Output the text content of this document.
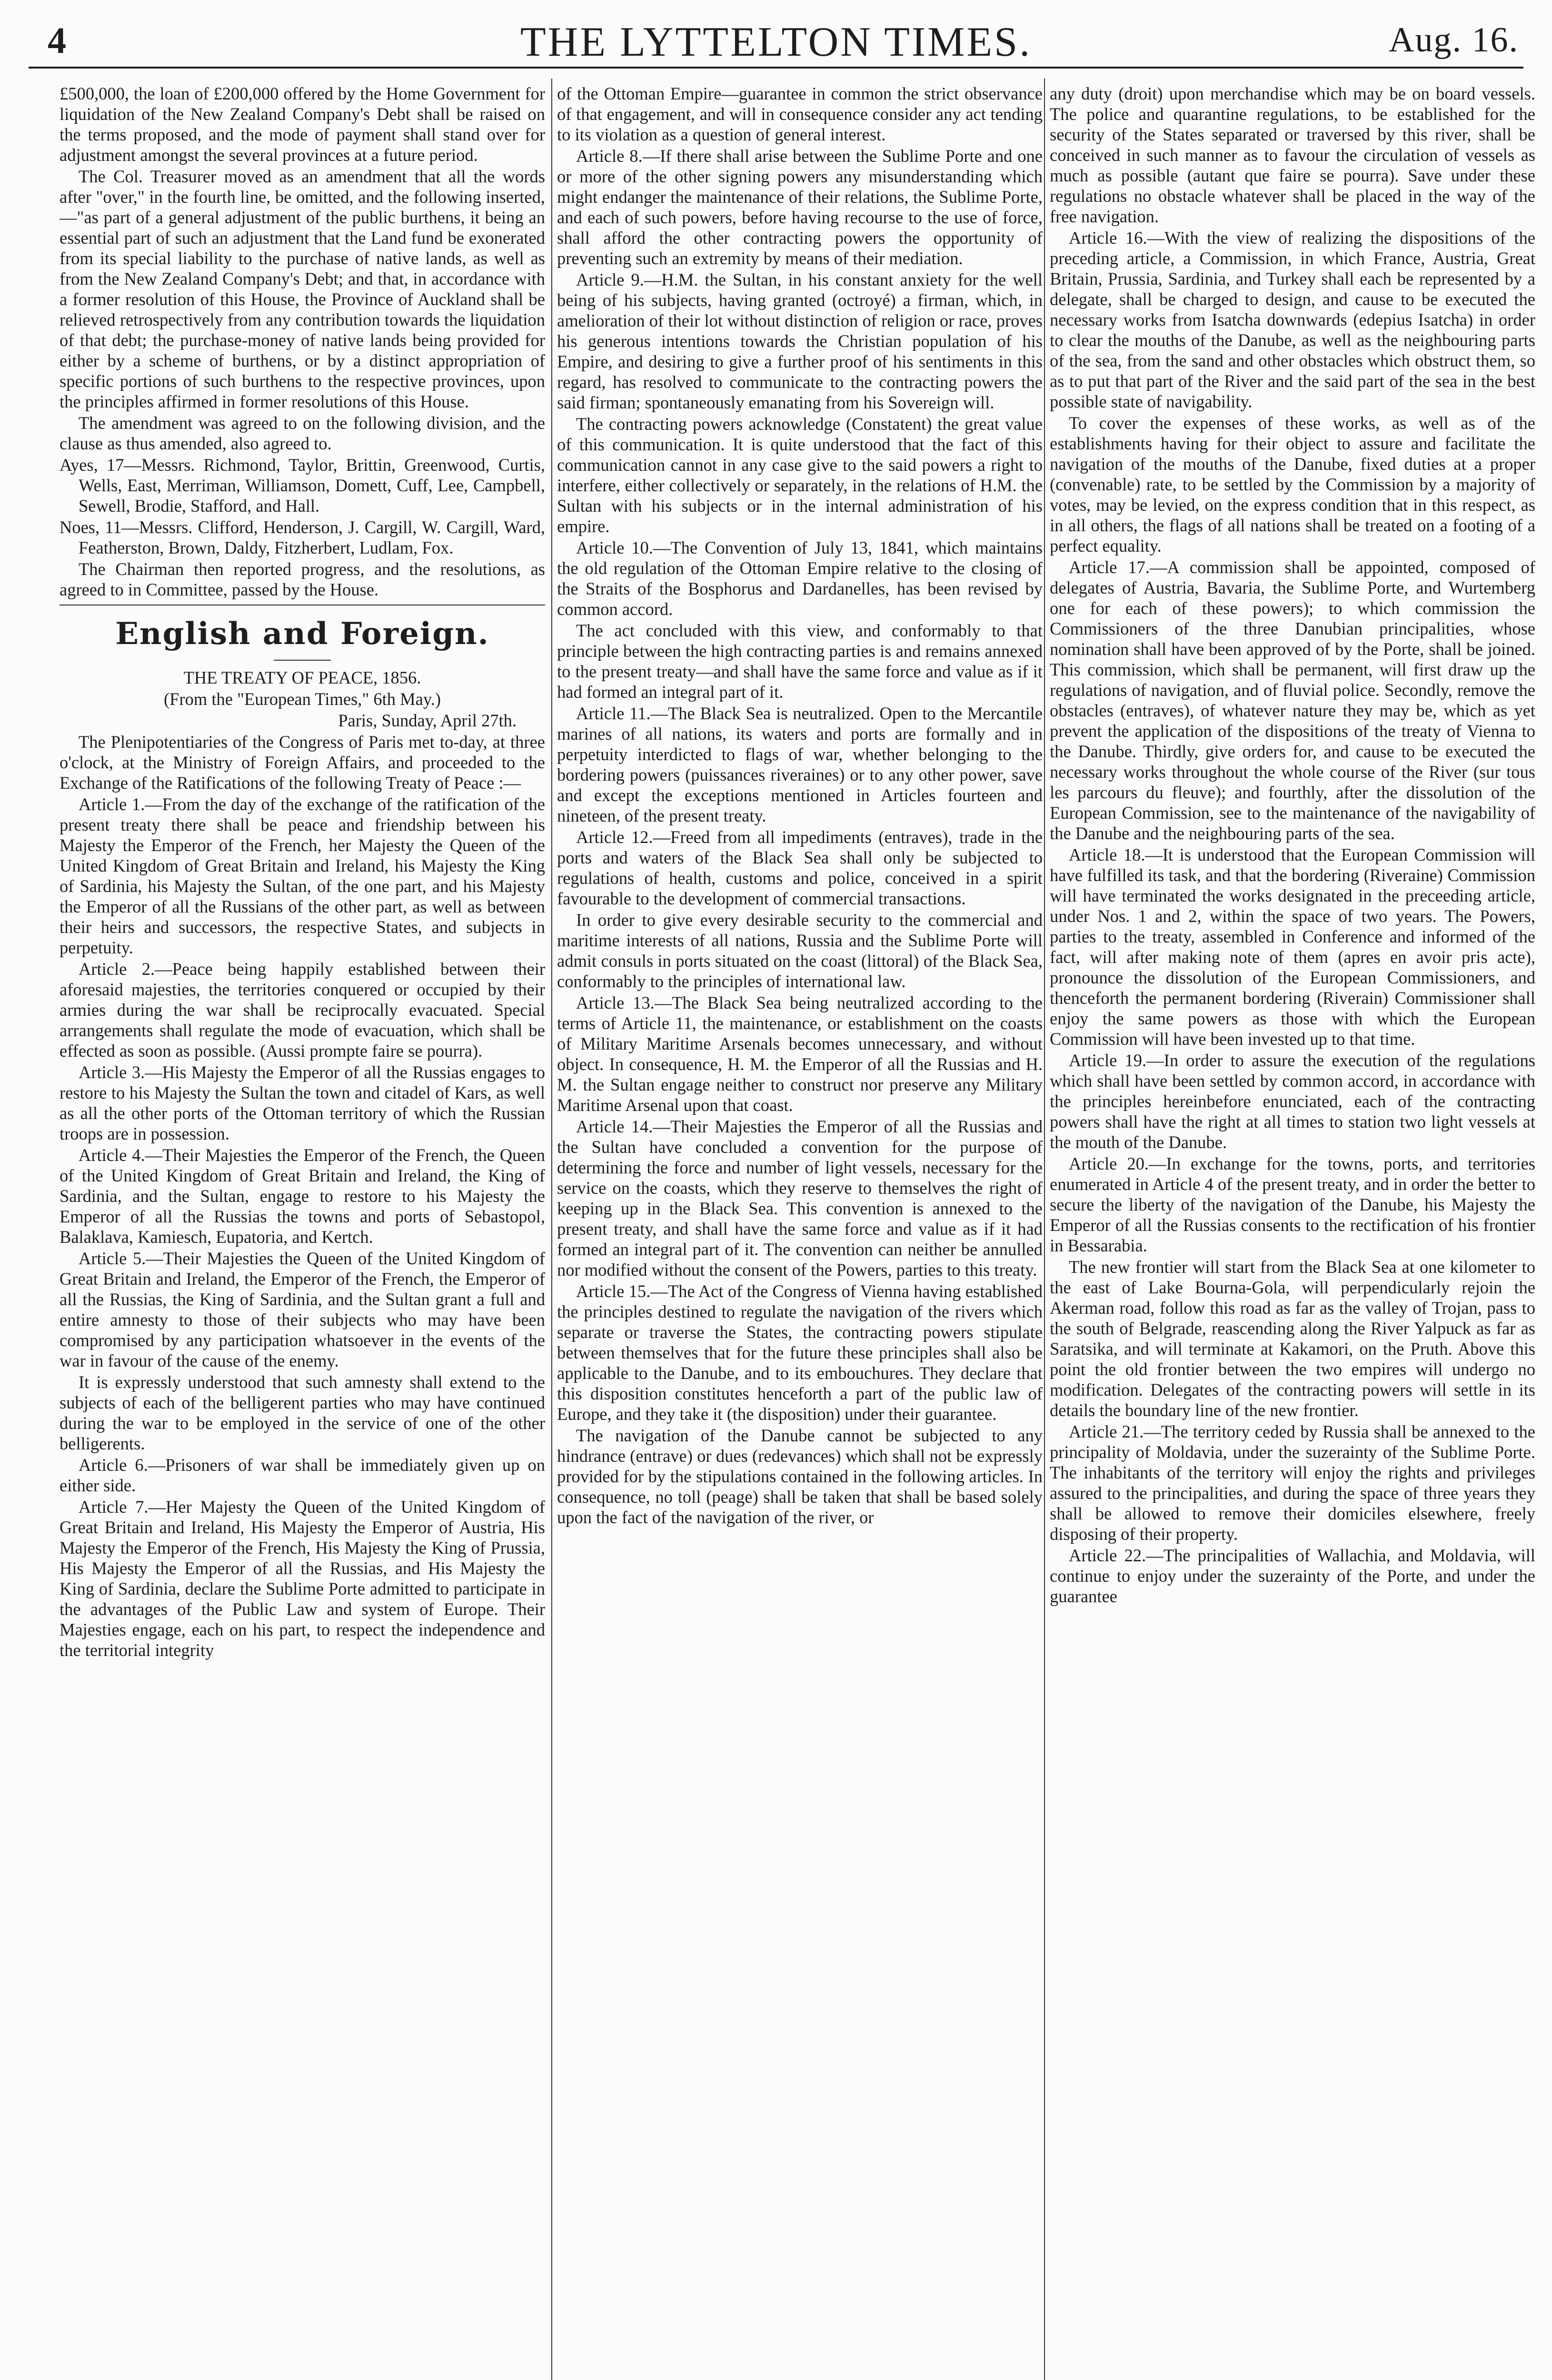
4	THE LYTTELTON TIMES.	Aug. 16.

£500,000, the loan of £200,000 offered by the Home Government for liquidation of the New Zealand Company's Debt shall be raised on the terms proposed, and the mode of payment shall stand over for adjustment amongst the several provinces at a future period.

The Col. Treasurer moved as an amendment that all the words after "over," in the fourth line, be omitted, and the following inserted,—"as part of a general adjustment of the public burthens, it being an essential part of such an adjustment that the Land fund be exonerated from its special liability to the purchase of native lands, as well as from the New Zealand Company's Debt; and that, in accordance with a former resolution of this House, the Province of Auckland shall be relieved retrospectively from any contribution towards the liquidation of that debt; the purchase-money of native lands being provided for either by a scheme of burthens, or by a distinct appropriation of specific portions of such burthens to the respective provinces, upon the principles affirmed in former resolutions of this House.

The amendment was agreed to on the following division, and the clause as thus amended, also agreed to.

Ayes, 17—Messrs. Richmond, Taylor, Brittin, Greenwood, Curtis, Wells, East, Merriman, Williamson, Domett, Cuff, Lee, Campbell, Sewell, Brodie, Stafford, and Hall.

Noes, 11—Messrs. Clifford, Henderson, J. Cargill, W. Cargill, Ward, Featherston, Brown, Daldy, Fitzherbert, Ludlam, Fox.

The Chairman then reported progress, and the resolutions, as agreed to in Committee, passed by the House.

English and Foreign.

THE TREATY OF PEACE, 1856.

(From the "European Times," 6th May.)

Paris, Sunday, April 27th.

The Plenipotentiaries of the Congress of Paris met to-day, at three o'clock, at the Ministry of Foreign Affairs, and proceeded to the Exchange of the Ratifications of the following Treaty of Peace :—

Article 1.—From the day of the exchange of the ratification of the present treaty there shall be peace and friendship between his Majesty the Emperor of the French, her Majesty the Queen of the United Kingdom of Great Britain and Ireland, his Majesty the King of Sardinia, his Majesty the Sultan, of the one part, and his Majesty the Emperor of all the Russians of the other part, as well as between their heirs and successors, the respective States, and subjects in perpetuity.

Article 2.—Peace being happily established between their aforesaid majesties, the territories conquered or occupied by their armies during the war shall be reciprocally evacuated. Special arrangements shall regulate the mode of evacuation, which shall be effected as soon as possible. (Aussi prompte faire se pourra).

Article 3.—His Majesty the Emperor of all the Russias engages to restore to his Majesty the Sultan the town and citadel of Kars, as well as all the other ports of the Ottoman territory of which the Russian troops are in possession.

Article 4.—Their Majesties the Emperor of the French, the Queen of the United Kingdom of Great Britain and Ireland, the King of Sardinia, and the Sultan, engage to restore to his Majesty the Emperor of all the Russias the towns and ports of Sebastopol, Balaklava, Kamiesch, Eupatoria, and Kertch.

Article 5.—Their Majesties the Queen of the United Kingdom of Great Britain and Ireland, the Emperor of the French, the Emperor of all the Russias, the King of Sardinia, and the Sultan grant a full and entire amnesty to those of their subjects who may have been compromised by any participation whatsoever in the events of the war in favour of the cause of the enemy.

It is expressly understood that such amnesty shall extend to the subjects of each of the belligerent parties who may have continued during the war to be employed in the service of one of the other belligerents.

Article 6.—Prisoners of war shall be immediately given up on either side.

Article 7.—Her Majesty the Queen of the United Kingdom of Great Britain and Ireland, His Majesty the Emperor of Austria, His Majesty the Emperor of the French, His Majesty the King of Prussia, His Majesty the Emperor of all the Russias, and His Majesty the King of Sardinia, declare the Sublime Porte admitted to participate in the advantages of the Public Law and system of Europe. Their Majesties engage, each on his part, to respect the independence and the territorial integrity

of the Ottoman Empire—guarantee in common the strict observance of that engagement, and will in consequence consider any act tending to its violation as a question of general interest.

Article 8.—If there shall arise between the Sublime Porte and one or more of the other signing powers any misunderstanding which might endanger the maintenance of their relations, the Sublime Porte, and each of such powers, before having recourse to the use of force, shall afford the other contracting powers the opportunity of preventing such an extremity by means of their mediation.

Article 9.—H.M. the Sultan, in his constant anxiety for the well being of his subjects, having granted (octroyé) a firman, which, in amelioration of their lot without distinction of religion or race, proves his generous intentions towards the Christian population of his Empire, and desiring to give a further proof of his sentiments in this regard, has resolved to communicate to the contracting powers the said firman; spontaneously emanating from his Sovereign will.

The contracting powers acknowledge (Constatent) the great value of this communication. It is quite understood that the fact of this communication cannot in any case give to the said powers a right to interfere, either collectively or separately, in the relations of H.M. the Sultan with his subjects or in the internal administration of his empire.

Article 10.—The Convention of July 13, 1841, which maintains the old regulation of the Ottoman Empire relative to the closing of the Straits of the Bosphorus and Dardanelles, has been revised by common accord.

The act concluded with this view, and conformably to that principle between the high contracting parties is and remains annexed to the present treaty—and shall have the same force and value as if it had formed an integral part of it.

Article 11.—The Black Sea is neutralized. Open to the Mercantile marines of all nations, its waters and ports are formally and in perpetuity interdicted to flags of war, whether belonging to the bordering powers (puissances riveraines) or to any other power, save and except the exceptions mentioned in Articles fourteen and nineteen, of the present treaty.

Article 12.—Freed from all impediments (entraves), trade in the ports and waters of the Black Sea shall only be subjected to regulations of health, customs and police, conceived in a spirit favourable to the development of commercial transactions.

In order to give every desirable security to the commercial and maritime interests of all nations, Russia and the Sublime Porte will admit consuls in ports situated on the coast (littoral) of the Black Sea, conformably to the principles of international law.

Article 13.—The Black Sea being neutralized according to the terms of Article 11, the maintenance, or establishment on the coasts of Military Maritime Arsenals becomes unnecessary, and without object. In consequence, H. M. the Emperor of all the Russias and H. M. the Sultan engage neither to construct nor preserve any Military Maritime Arsenal upon that coast.

Article 14.—Their Majesties the Emperor of all the Russias and the Sultan have concluded a convention for the purpose of determining the force and number of light vessels, necessary for the service on the coasts, which they reserve to themselves the right of keeping up in the Black Sea. This convention is annexed to the present treaty, and shall have the same force and value as if it had formed an integral part of it. The convention can neither be annulled nor modified without the consent of the Powers, parties to this treaty.

Article 15.—The Act of the Congress of Vienna having established the principles destined to regulate the navigation of the rivers which separate or traverse the States, the contracting powers stipulate between themselves that for the future these principles shall also be applicable to the Danube, and to its embouchures. They declare that this disposition constitutes henceforth a part of the public law of Europe, and they take it (the disposition) under their guarantee.

The navigation of the Danube cannot be subjected to any hindrance (entrave) or dues (redevances) which shall not be expressly provided for by the stipulations contained in the following articles. In consequence, no toll (peage) shall be taken that shall be based solely upon the fact of the navigation of the river, or

any duty (droit) upon merchandise which may be on board vessels. The police and quarantine regulations, to be established for the security of the States separated or traversed by this river, shall be conceived in such manner as to favour the circulation of vessels as much as possible (autant que faire se pourra). Save under these regulations no obstacle whatever shall be placed in the way of the free navigation.

Article 16.—With the view of realizing the dispositions of the preceding article, a Commission, in which France, Austria, Great Britain, Prussia, Sardinia, and Turkey shall each be represented by a delegate, shall be charged to design, and cause to be executed the necessary works from Isatcha downwards (edepius Isatcha) in order to clear the mouths of the Danube, as well as the neighbouring parts of the sea, from the sand and other obstacles which obstruct them, so as to put that part of the River and the said part of the sea in the best possible state of navigability.

To cover the expenses of these works, as well as of the establishments having for their object to assure and facilitate the navigation of the mouths of the Danube, fixed duties at a proper (convenable) rate, to be settled by the Commission by a majority of votes, may be levied, on the express condition that in this respect, as in all others, the flags of all nations shall be treated on a footing of a perfect equality.

Article 17.—A commission shall be appointed, composed of delegates of Austria, Bavaria, the Sublime Porte, and Wurtemberg one for each of these powers); to which commission the Commissioners of the three Danubian principalities, whose nomination shall have been approved of by the Porte, shall be joined. This commission, which shall be permanent, will first draw up the regulations of navigation, and of fluvial police. Secondly, remove the obstacles (entraves), of whatever nature they may be, which as yet prevent the application of the dispositions of the treaty of Vienna to the Danube. Thirdly, give orders for, and cause to be executed the necessary works throughout the whole course of the River (sur tous les parcours du fleuve); and fourthly, after the dissolution of the European Commission, see to the maintenance of the navigability of the Danube and the neighbouring parts of the sea.

Article 18.—It is understood that the European Commission will have fulfilled its task, and that the bordering (Riveraine) Commission will have terminated the works designated in the preceeding article, under Nos. 1 and 2, within the space of two years. The Powers, parties to the treaty, assembled in Conference and informed of the fact, will after making note of them (apres en avoir pris acte), pronounce the dissolution of the European Commissioners, and thenceforth the permanent bordering (Riverain) Commissioner shall enjoy the same powers as those with which the European Commission will have been invested up to that time.

Article 19.—In order to assure the execution of the regulations which shall have been settled by common accord, in accordance with the principles hereinbefore enunciated, each of the contracting powers shall have the right at all times to station two light vessels at the mouth of the Danube.

Article 20.—In exchange for the towns, ports, and territories enumerated in Article 4 of the present treaty, and in order the better to secure the liberty of the navigation of the Danube, his Majesty the Emperor of all the Russias consents to the rectification of his frontier in Bessarabia.

The new frontier will start from the Black Sea at one kilometer to the east of Lake Bourna-Gola, will perpendicularly rejoin the Akerman road, follow this road as far as the valley of Trojan, pass to the south of Belgrade, reascending along the River Yalpuck as far as Saratsika, and will terminate at Kakamori, on the Pruth. Above this point the old frontier between the two empires will undergo no modification. Delegates of the contracting powers will settle in its details the boundary line of the new frontier.

Article 21.—The territory ceded by Russia shall be annexed to the principality of Moldavia, under the suzerainty of the Sublime Porte. The inhabitants of the territory will enjoy the rights and privileges assured to the principalities, and during the space of three years they shall be allowed to remove their domiciles elsewhere, freely disposing of their property.

Article 22.—The principalities of Wallachia, and Moldavia, will continue to enjoy under the suzerainty of the Porte, and under the guarantee
